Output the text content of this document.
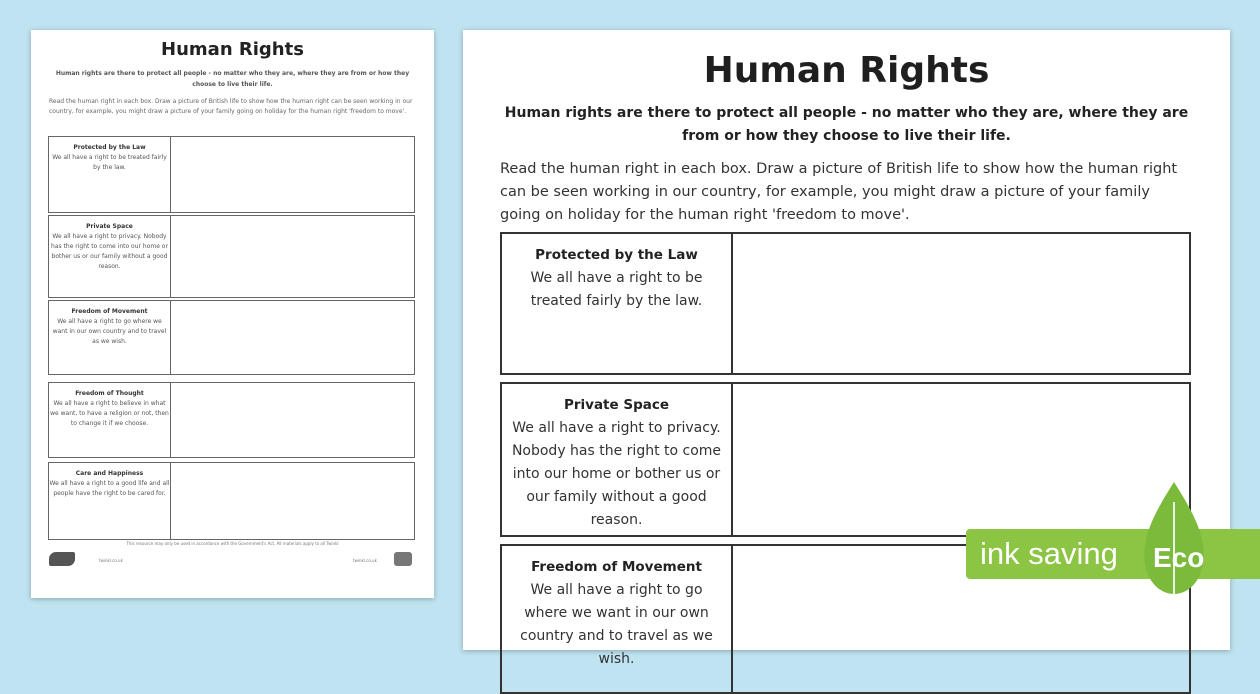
Human Rights
Human rights are there to protect all people - no matter who they are, where they are from or how they choose to live their life.
Read the human right in each box. Draw a picture of British life to show how the human right can be seen working in our country, for example, you might draw a picture of your family going on holiday for the human right 'freedom to move'.
Protected by the Law
We all have a right to be treated fairly by the law.
Private Space
We all have a right to privacy. Nobody has the right to come into our home or bother us or our family without a good reason.
Freedom of Movement
We all have a right to go where we want in our own country and to travel as we wish.
Freedom of Thought
We all have a right to believe in what we want, to have a religion or not, then to change it if we choose.
Care and Happiness
We all have a right to a good life and all people have the right to be cared for.
This resource may only be used in accordance with the Government's Act. All materials apply to all Twinkl
twinkl.co.uk	twinkl.co.uk
Human Rights
Human rights are there to protect all people - no matter who they are, where they are from or how they choose to live their life.
Read the human right in each box. Draw a picture of British life to show how the human right can be seen working in our country, for example, you might draw a picture of your family going on holiday for the human right 'freedom to move'.
Protected by the Law
We all have a right to be treated fairly by the law.
Private Space
We all have a right to privacy. Nobody has the right to come into our home or bother us or our family without a good reason.
Freedom of Movement
We all have a right to go where we want in our own country and to travel as we wish.
ink saving Eco
